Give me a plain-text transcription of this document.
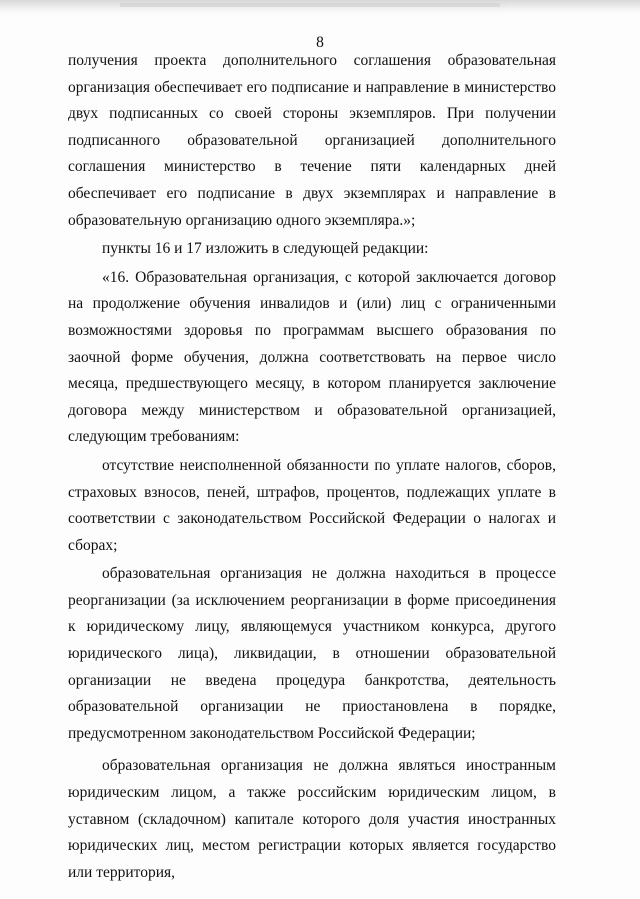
8

получения проекта дополнительного соглашения образовательная организация обеспечивает его подписание и направление в министерство двух подписанных со своей стороны экземпляров. При получении подписанного образовательной организацией дополнительного соглашения министерство в течение пяти календарных дней обеспечивает его подписание в двух экземплярах и направление в образовательную организацию одного экземпляра.»;

пункты 16 и 17 изложить в следующей редакции:

«16. Образовательная организация, с которой заключается договор на продолжение обучения инвалидов и (или) лиц с ограниченными возможностями здоровья по программам высшего образования по заочной форме обучения, должна соответствовать на первое число месяца, предшествующего месяцу, в котором планируется заключение договора между министерством и образовательной организацией, следующим требованиям:

отсутствие неисполненной обязанности по уплате налогов, сборов, страховых взносов, пеней, штрафов, процентов, подлежащих уплате в соответствии с законодательством Российской Федерации о налогах и сборах;

образовательная организация не должна находиться в процессе реорганизации (за исключением реорганизации в форме присоединения к юридическому лицу, являющемуся участником конкурса, другого юридического лица), ликвидации, в отношении образовательной организации не введена процедура банкротства, деятельность образовательной организации не приостановлена в порядке, предусмотренном законодательством Российской Федерации;

образовательная организация не должна являться иностранным юридическим лицом, а также российским юридическим лицом, в уставном (складочном) капитале которого доля участия иностранных юридических лиц, местом регистрации которых является государство или территория,
